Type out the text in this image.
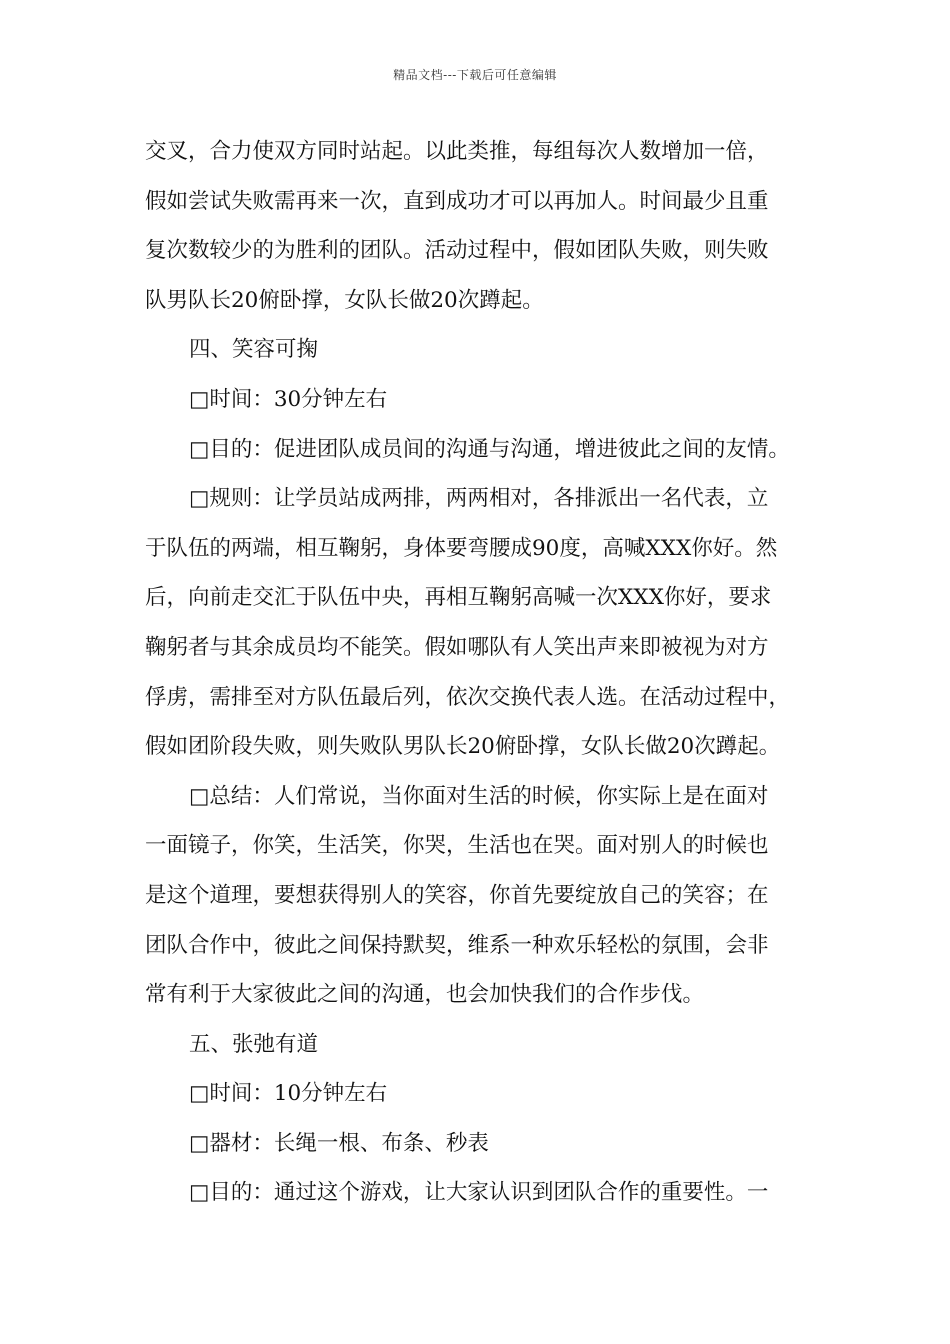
精品文档---下载后可任意编辑
交叉，合力使双方同时站起。以此类推，每组每次人数增加一倍，
假如尝试失败需再来一次，直到成功才可以再加人。时间最少且重
复次数较少的为胜利的团队。活动过程中，假如团队失败，则失败
队男队长20俯卧撑，女队长做20次蹲起。
四、笑容可掬
□时间：30分钟左右
□目的：促进团队成员间的沟通与沟通，增进彼此之间的友情。
□规则：让学员站成两排，两两相对，各排派出一名代表，立
于队伍的两端，相互鞠躬，身体要弯腰成90度，高喊XXX你好。然
后，向前走交汇于队伍中央，再相互鞠躬高喊一次XXX你好，要求
鞠躬者与其余成员均不能笑。假如哪队有人笑出声来即被视为对方
俘虏，需排至对方队伍最后列，依次交换代表人选。在活动过程中，
假如团阶段失败，则失败队男队长20俯卧撑，女队长做20次蹲起。
□总结：人们常说，当你面对生活的时候，你实际上是在面对
一面镜子，你笑，生活笑，你哭，生活也在哭。面对别人的时候也
是这个道理，要想获得别人的笑容，你首先要绽放自己的笑容；在
团队合作中，彼此之间保持默契，维系一种欢乐轻松的氛围，会非
常有利于大家彼此之间的沟通，也会加快我们的合作步伐。
五、张弛有道
□时间：10分钟左右
□器材：长绳一根、布条、秒表
□目的：通过这个游戏，让大家认识到团队合作的重要性。一
